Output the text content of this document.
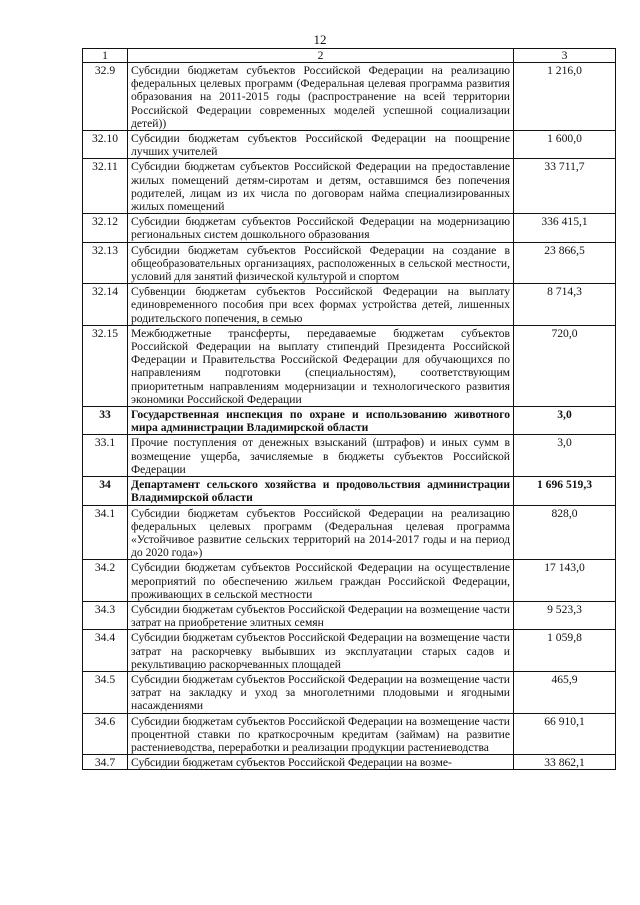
12
1	2	3
32.9	Субсидии бюджетам субъектов Российской Федерации на реализацию федеральных целевых программ (Федеральная целевая программа развития образования на 2011-2015 годы (распространение на всей территории Российской Федерации современных моделей успешной социализации детей))	1 216,0
32.10	Субсидии бюджетам субъектов Российской Федерации на поощрение лучших учителей	1 600,0
32.11	Субсидии бюджетам субъектов Российской Федерации на предоставление жилых помещений детям-сиротам и детям, оставшимся без попечения родителей, лицам из их числа по договорам найма специализированных жилых помещений	33 711,7
32.12	Субсидии бюджетам субъектов Российской Федерации на модернизацию региональных систем дошкольного образования	336 415,1
32.13	Субсидии бюджетам субъектов Российской Федерации на создание в общеобразовательных организациях, расположенных в сельской местности, условий для занятий физической культурой и спортом	23 866,5
32.14	Субвенции бюджетам субъектов Российской Федерации на выплату единовременного пособия при всех формах устройства детей, лишенных родительского попечения, в семью	8 714,3
32.15	Межбюджетные трансферты, передаваемые бюджетам субъектов Российской Федерации на выплату стипендий Президента Российской Федерации и Правительства Российской Федерации для обучающихся по направлениям подготовки (специальностям), соответствующим приоритетным направлениям модернизации и технологического развития экономики Российской Федерации	720,0
33	Государственная инспекция по охране и использованию животного мира администрации Владимирской области	3,0
33.1	Прочие поступления от денежных взысканий (штрафов) и иных сумм в возмещение ущерба, зачисляемые в бюджеты субъектов Российской Федерации	3,0
34	Департамент сельского хозяйства и продовольствия администрации Владимирской области	1 696 519,3
34.1	Субсидии бюджетам субъектов Российской Федерации на реализацию федеральных целевых программ (Федеральная целевая программа «Устойчивое развитие сельских территорий на 2014-2017 годы и на период до 2020 года»)	828,0
34.2	Субсидии бюджетам субъектов Российской Федерации на осуществление мероприятий по обеспечению жильем граждан Российской Федерации, проживающих в сельской местности	17 143,0
34.3	Субсидии бюджетам субъектов Российской Федерации на возмещение части затрат на приобретение элитных семян	9 523,3
34.4	Субсидии бюджетам субъектов Российской Федерации на возмещение части затрат на раскорчевку выбывших из эксплуатации старых садов и рекультивацию раскорчеванных площадей	1 059,8
34.5	Субсидии бюджетам субъектов Российской Федерации на возмещение части затрат на закладку и уход за многолетними плодовыми и ягодными насаждениями	465,9
34.6	Субсидии бюджетам субъектов Российской Федерации на возмещение части процентной ставки по краткосрочным кредитам (займам) на развитие растениеводства, переработки и реализации продукции растениеводства	66 910,1
34.7	Субсидии бюджетам субъектов Российской Федерации на возме-	33 862,1
